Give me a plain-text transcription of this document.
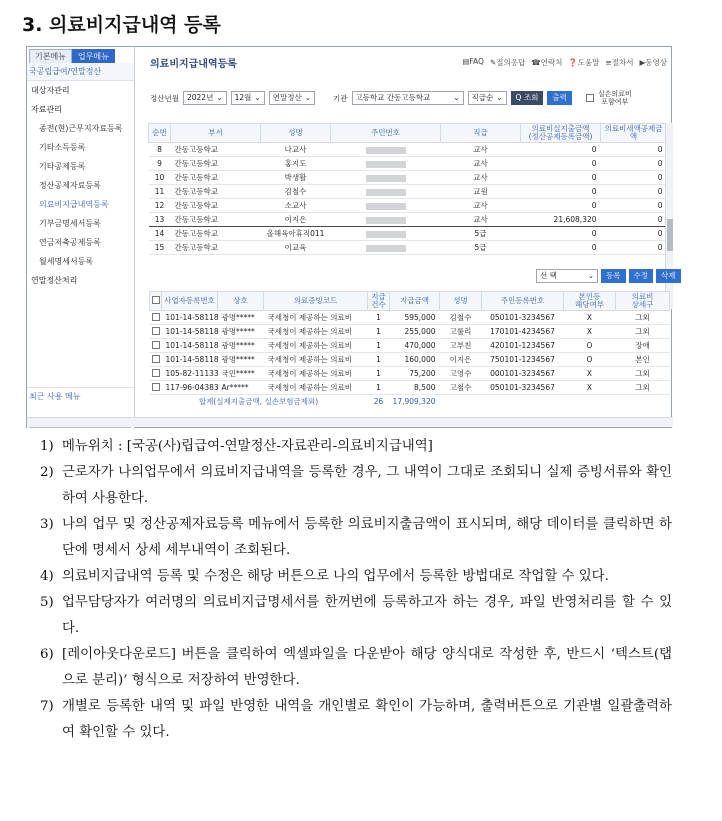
3. 의료비지급내역 등록
기본메뉴	업무메뉴
국공립급여/연말정산
대상자관리
자료관리
종전(현)근무지자료등록
기타소득등록
기타공제등록
정산공제자료등록
의료비지급내역등록
기부금명세서등록
연금저축공제등록
월세명세서등록
연말정산처리
최근 사용 메뉴
의료비지급내역등록	▤FAQ ✎질의응답 ☎연락처 ❓도움말 ≡절차서 ▶동영상
정산년월 2022년 ⌄ 12월 ⌄ 연말정산 ⌄	기관 고등학교 간동고등학교	⌄ 직급순 ⌄	Q 조회	출력	실손의료비
포함여부
순번	부서	성명	주민번호	직급	의료비실지출금액
(정산공제등록금액)	의료비세액공제금액
8	간동고등학교	나교사		교사	0	0
9	간동고등학교	홍지도		교사	0	0
10	간동고등학교	박생활		교사	0	0
11	간동고등학교	김철수		교원	0	0
12	간동고등학교	소교사		교사	0	0
13	간동고등학교	이지은		교사	21,608,320	0
14	간동고등학교	올해육아휴직011		5급	0	0
15	간동고등학교	이교육		5급	0	0
선 택	⌄	등록	수정	삭제
	사업자등록번호	상호	의료증빙코드	지급
건수	지급금액	성명	주민등록번호	본인등
해당여부	의료비
상세구
	101-14-58118	광명*****	국세청이 제공하는 의료비	1	595,000	김철수	050101-3234567	X	그외
	101-14-58118	광명*****	국세청이 제공하는 의료비	1	255,000	고룰리	170101-4234567	X	그외
	101-14-58118	광명*****	국세청이 제공하는 의료비	1	470,000	고부친	420101-1234567	O	장애
	101-14-58118	광명*****	국세청이 제공하는 의료비	1	160,000	이지은	750101-1234567	O	본인
	105-82-11133	국민*****	국세청이 제공하는 의료비	1	75,200	고영수	000101-3234567	X	그외
	117-96-04383	Ar*****	국세청이 제공하는 의료비	1	8,500	고철수	050101-3234567	X	그외
합계(실제지출금액, 실손보험금제외)				26	17,909,320				
1) 메뉴위치 : [국공(사)립급여-연말정산-자료관리-의료비지급내역]
2) 근로자가 나의업무에서 의료비지급내역을 등록한 경우, 그 내역이 그대로 조회되니 실제 증빙서류와 확인하여 사용한다.
3) 나의 업무 및 정산공제자료등록 메뉴에서 등록한 의료비지출금액이 표시되며, 해당 데이터를 클릭하면 하단에 명세서 상세 세부내역이 조회된다.
4) 의료비지급내역 등록 및 수정은 해당 버튼으로 나의 업무에서 등록한 방법대로 작업할 수 있다.
5) 업무담당자가 여러명의 의료비지급명세서를 한꺼번에 등록하고자 하는 경우, 파일 반영처리를 할 수 있다.
6) [레이아웃다운로드] 버튼을 클릭하여 엑셀파일을 다운받아 해당 양식대로 작성한 후, 반드시 ‘텍스트(탭으로 분리)’ 형식으로 저장하여 반영한다.
7) 개별로 등록한 내역 및 파일 반영한 내역을 개인별로 확인이 가능하며, 출력버튼으로 기관별 일괄출력하여 확인할 수 있다.
